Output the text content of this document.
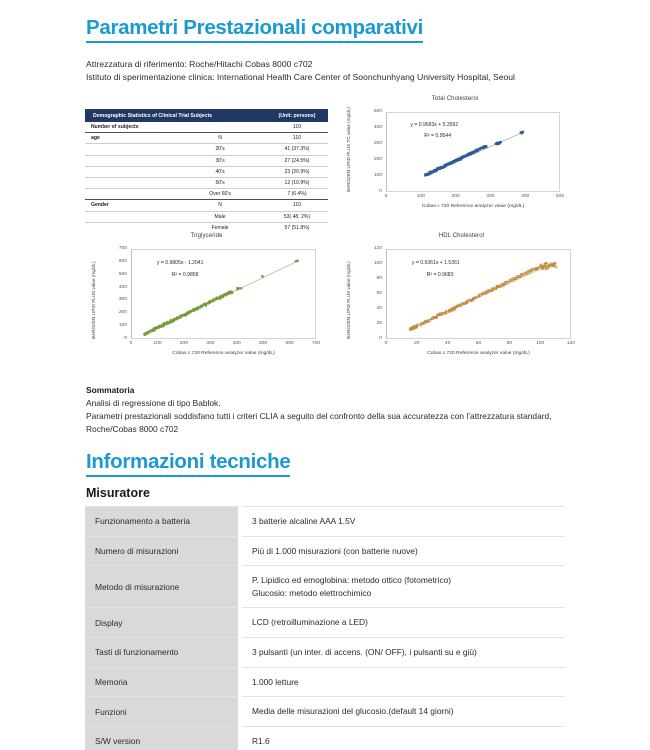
Parametri Prestazionali comparativi
Attrezzatura di riferimento: Roche/Hitachi Cobas 8000 c702
Istituto di sperimentazione clinica: International Health Care Center of Soonchunhyang University Hospital, Seoul
Demographic Statistics of Clinical Trial Subjects		(Unit: persons)
Number of subjects		110
age	N	110
	20's	41 (37.3%)
	30's	27 (24.5%)
	40's	23 (20.9%)
	50's	12 (10.9%)
	Over 60's	7 (6.4%)
Gender	N	110
	Male	53( 48. 2%)
	Female	57 (51.8%)
Total Cholesterol
0
100
200
300
400
500
0	100	200	300	400	500
BAROZEN LIPID PLUS TC value (mg/dL)
Cobas c 720 Reference analyzer value (mg/dL)
y = 0.9583x + 5.3592
R² = 0.9544
Triglyceride
0
100
200
300
400
500
600
700
0	100	200	300	400	500	600	700
BAROZEN LIPID PLUS value (mg/dL)
Cobas c 720 Reference analyzer value (mg/dL)
y = 0.9805x - 1.2041
R² = 0.9858
HDL Cholesterol
0
20
40
60
80
100
120
0	20	40	60	80	100	120
BAROZEN LIPID PLUS value (mg/dL)
Cobas c 720 Reference analyzer value (mg/dL)
y = 0.9361x + 1.5361
R² = 0.9683
Sommatoria
Analisi di regressione di tipo Bablok.
Parametri prestazionali soddisfano tutti i criteri CLIA a seguito del confronto della sua accuratezza con l’attrezzatura standard, Roche/Cobas 8000 c702
Informazioni tecniche
Misuratore
Funzionamento a batteria	3 batterie alcaline AAA 1.5V

Numero di misurazioni	Più di 1.000 misurazioni (con batterie nuove)

Metodo di misurazione	P. Lipidico ed emoglobina: metodo ottico (fotometrico)
Glucosio: metodo elettrochimico

Display	LCD (retroilluminazione a LED)

Tasti di funzionamento	3 pulsanti (un inter. di accens. (ON/ OFF), i pulsanti su e giù)

Memoria	1.000 letture

Funzioni	Media delle misurazioni del glucosio.(default 14 giorni)

S/W version	R1.6
